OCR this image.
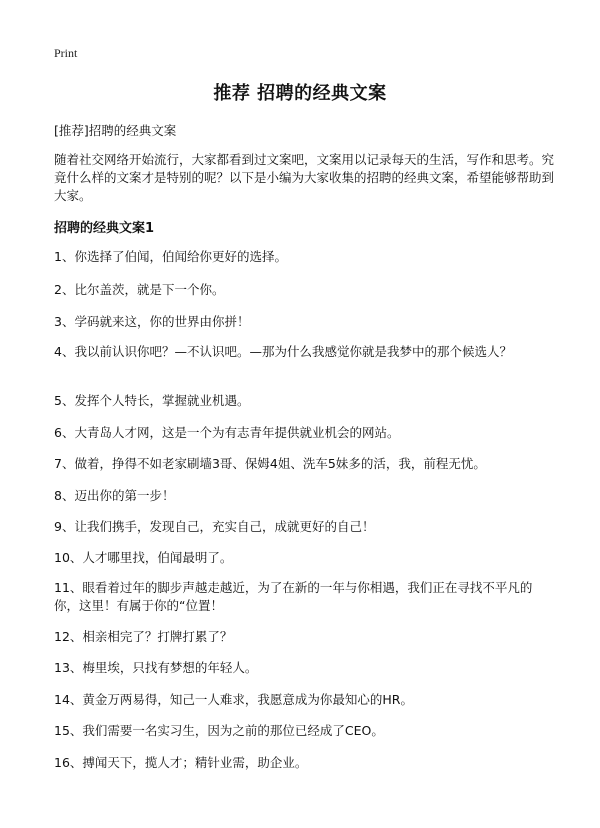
Print
推荐 招聘的经典文案

[推荐]招聘的经典文案

随着社交网络开始流行，大家都看到过文案吧，文案用以记录每天的生活，写作和思考。究竟什么样的文案才是特别的呢？以下是小编为大家收集的招聘的经典文案，希望能够帮助到大家。

招聘的经典文案1

1、你选择了伯闻，伯闻给你更好的选择。

2、比尔盖茨，就是下一个你。

3、学码就来这，你的世界由你拼！

4、我以前认识你吧？—不认识吧。—那为什么我感觉你就是我梦中的那个候选人？

5、发挥个人特长，掌握就业机遇。

6、大青岛人才网，这是一个为有志青年提供就业机会的网站。

7、做着，挣得不如老家刷墙3哥、保姆4姐、洗车5妹多的活，我，前程无忧。

8、迈出你的第一步！

9、让我们携手，发现自己，充实自己，成就更好的自己！

10、人才哪里找，伯闻最明了。

11、眼看着过年的脚步声越走越近，为了在新的一年与你相遇，我们正在寻找不平凡的你，这里！有属于你的“位置！

12、相亲相完了？打牌打累了？

13、梅里埃，只找有梦想的年轻人。

14、黄金万两易得，知己一人难求，我愿意成为你最知心的HR。

15、我们需要一名实习生，因为之前的那位已经成了CEO。

16、搏闻天下，揽人才；精针业需，助企业。
